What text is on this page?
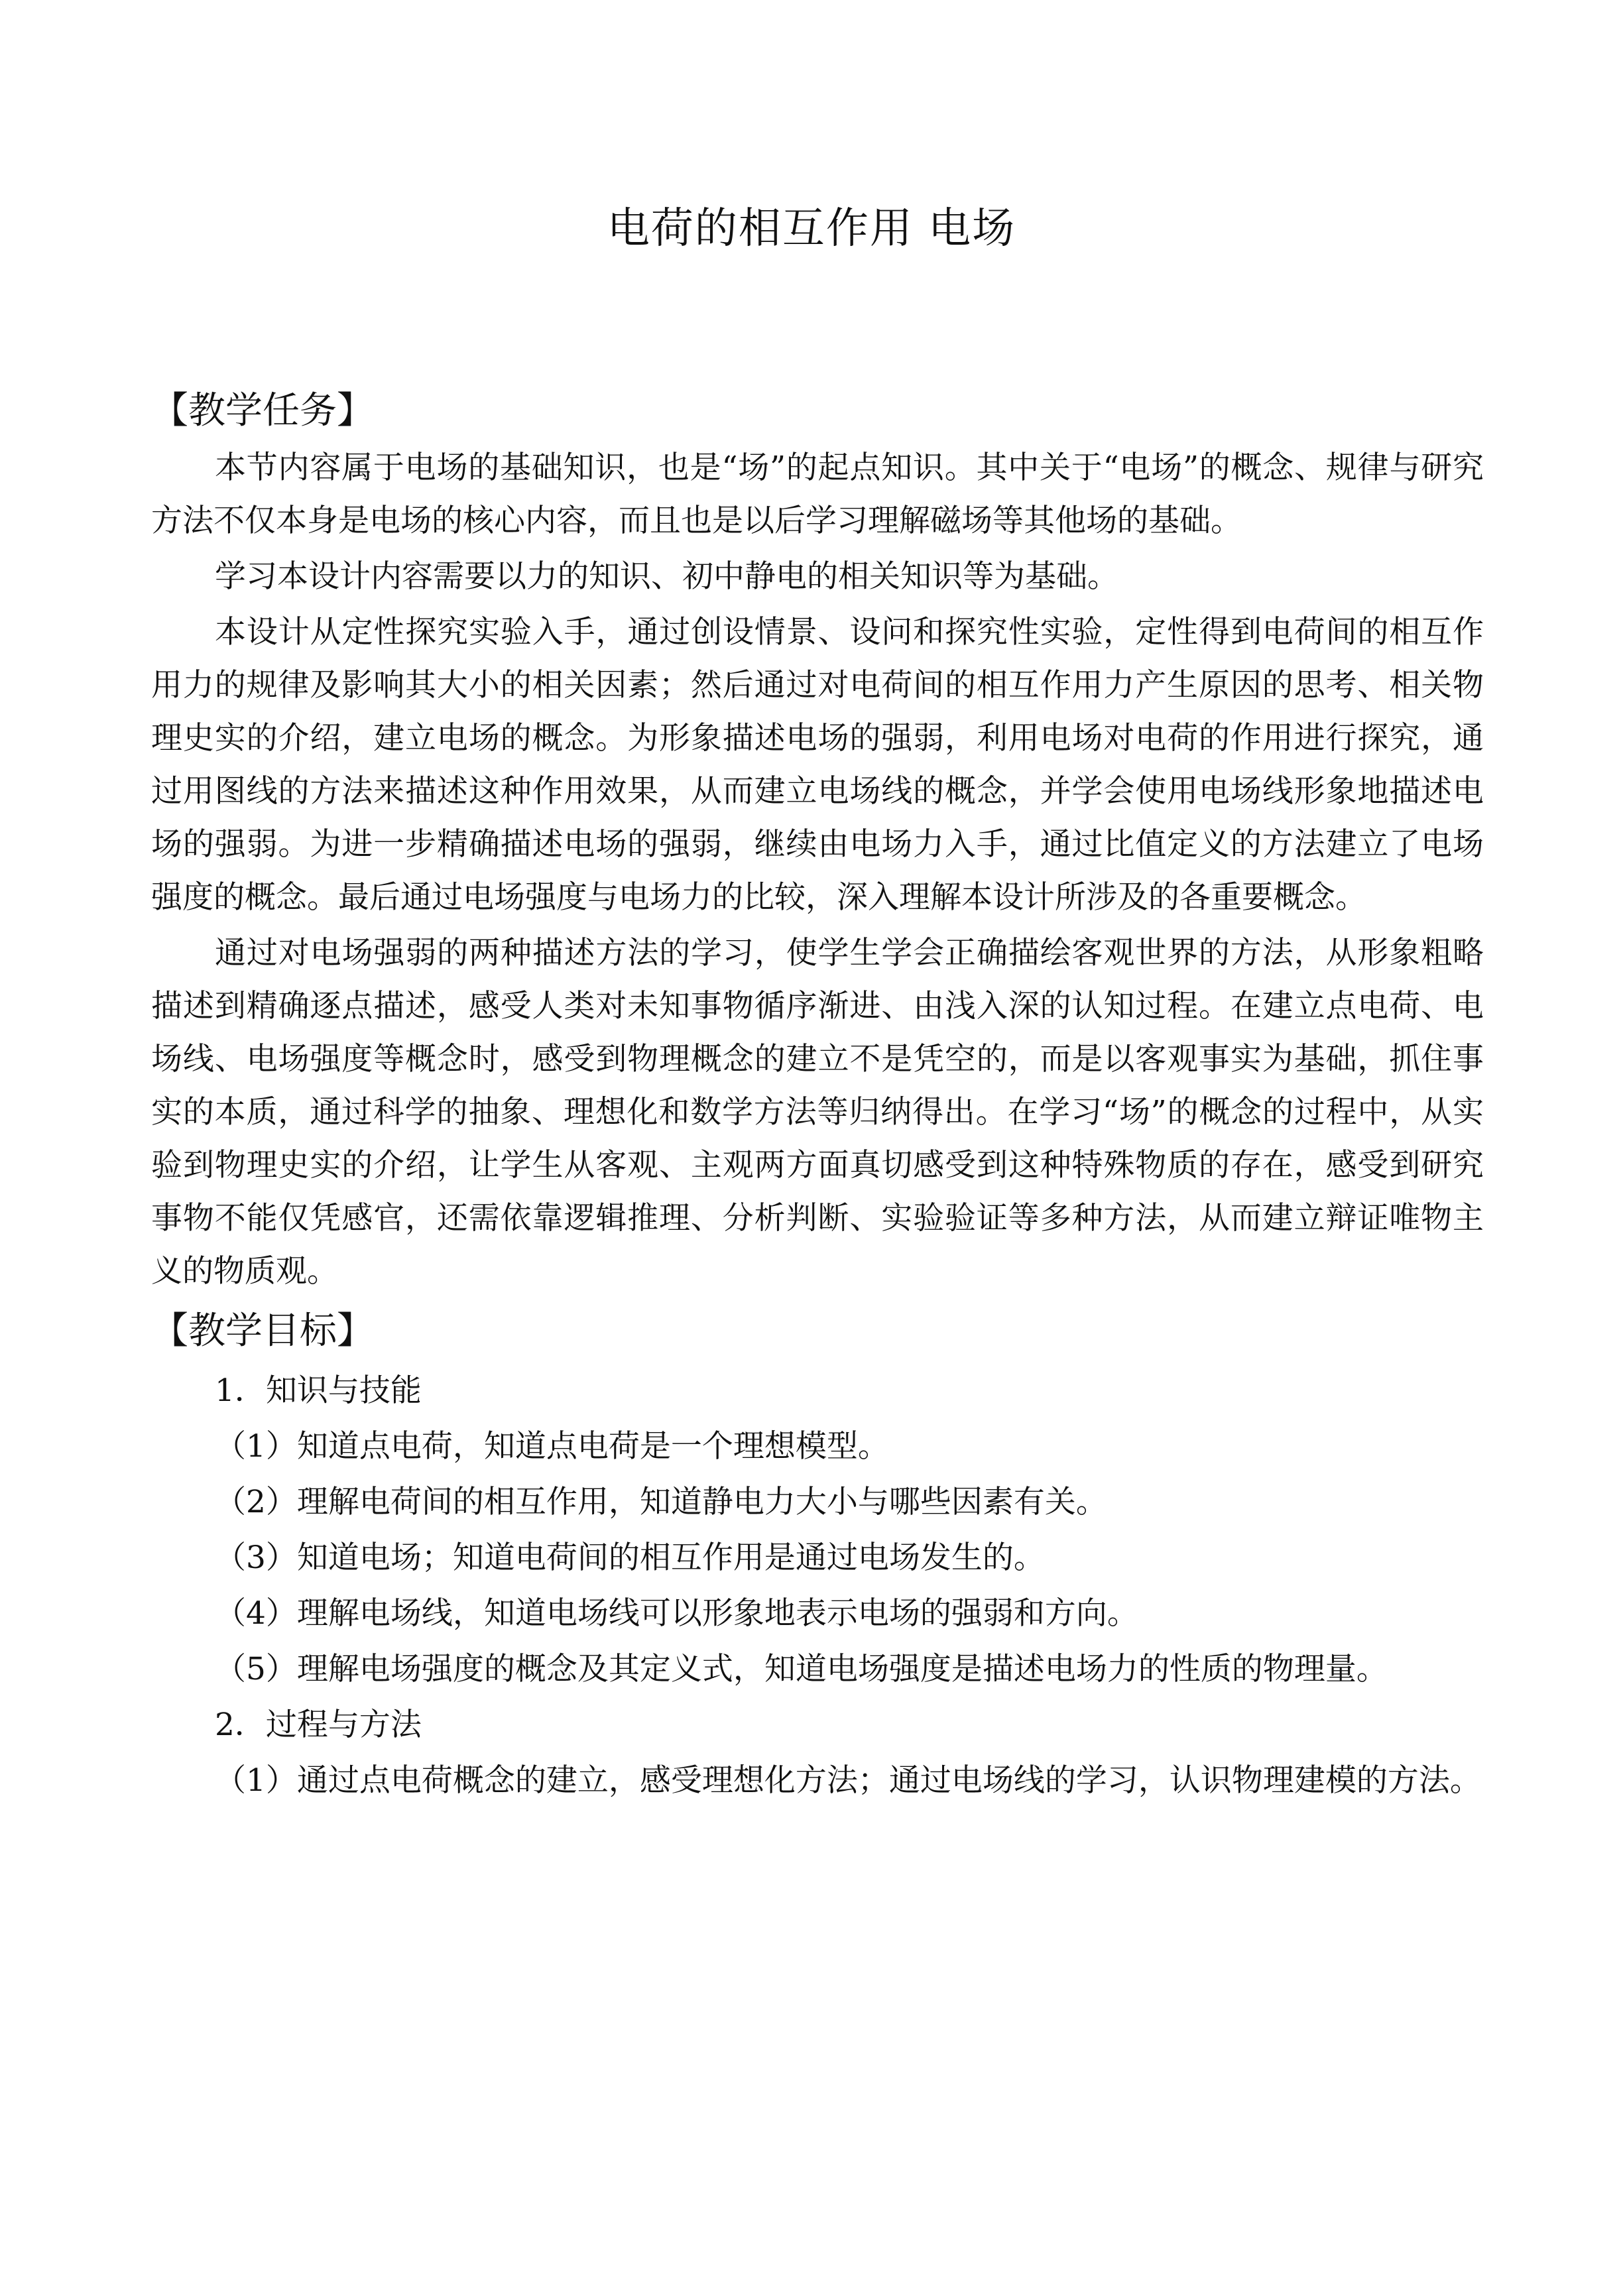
电荷的相互作用 电场
【教学任务】

本节内容属于电场的基础知识，也是“场”的起点知识。其中关于“电场”的概念、规律与研究方法不仅本身是电场的核心内容，而且也是以后学习理解磁场等其他场的基础。

学习本设计内容需要以力的知识、初中静电的相关知识等为基础。

本设计从定性探究实验入手，通过创设情景、设问和探究性实验，定性得到电荷间的相互作用力的规律及影响其大小的相关因素；然后通过对电荷间的相互作用力产生原因的思考、相关物理史实的介绍，建立电场的概念。为形象描述电场的强弱，利用电场对电荷的作用进行探究，通过用图线的方法来描述这种作用效果，从而建立电场线的概念，并学会使用电场线形象地描述电场的强弱。为进一步精确描述电场的强弱，继续由电场力入手，通过比值定义的方法建立了电场强度的概念。最后通过电场强度与电场力的比较，深入理解本设计所涉及的各重要概念。

通过对电场强弱的两种描述方法的学习，使学生学会正确描绘客观世界的方法，从形象粗略描述到精确逐点描述，感受人类对未知事物循序渐进、由浅入深的认知过程。在建立点电荷、电场线、电场强度等概念时，感受到物理概念的建立不是凭空的，而是以客观事实为基础，抓住事实的本质，通过科学的抽象、理想化和数学方法等归纳得出。在学习“场”的概念的过程中，从实验到物理史实的介绍，让学生从客观、主观两方面真切感受到这种特殊物质的存在，感受到研究事物不能仅凭感官，还需依靠逻辑推理、分析判断、实验验证等多种方法，从而建立辩证唯物主义的物质观。

【教学目标】
1．知识与技能
（1）知道点电荷，知道点电荷是一个理想模型。
（2）理解电荷间的相互作用，知道静电力大小与哪些因素有关。
（3）知道电场；知道电荷间的相互作用是通过电场发生的。
（4）理解电场线，知道电场线可以形象地表示电场的强弱和方向。
（5）理解电场强度的概念及其定义式，知道电场强度是描述电场力的性质的物理量。
2．过程与方法
（1）通过点电荷概念的建立，感受理想化方法；通过电场线的学习，认识物理建模的方法。
